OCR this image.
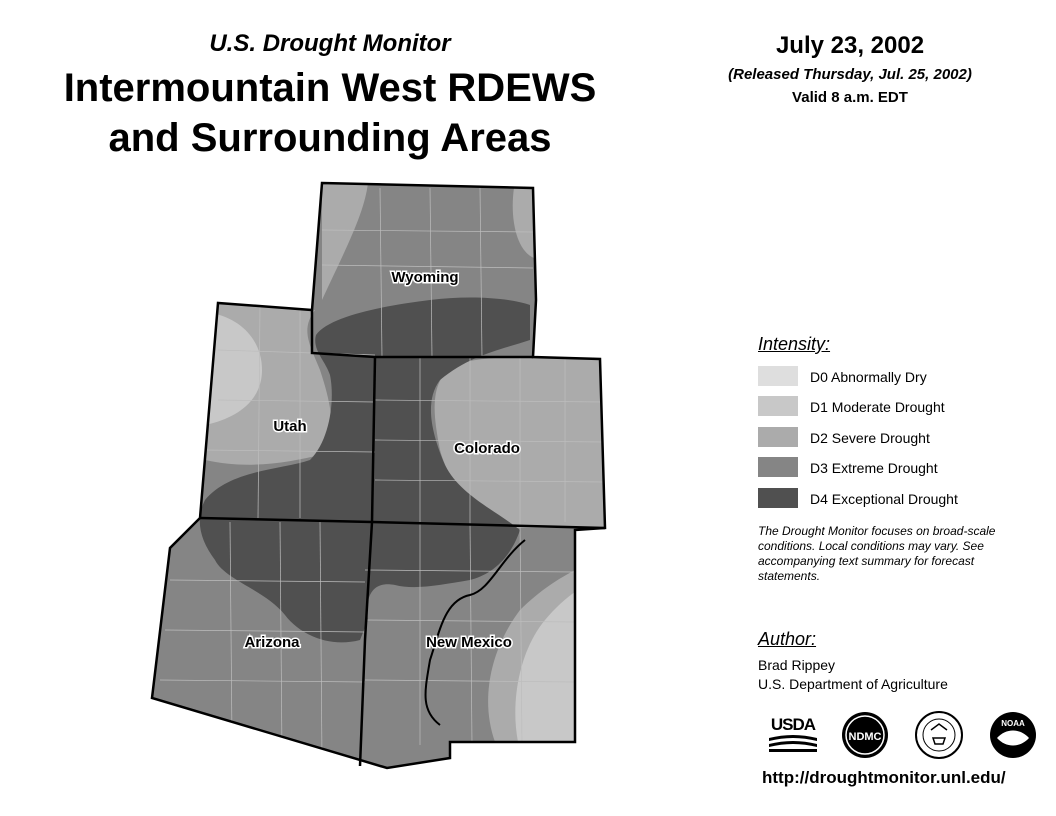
U.S. Drought Monitor
Intermountain West RDEWS
and Surrounding Areas
July 23, 2002
(Released Thursday, Jul. 25, 2002)
Valid 8 a.m. EDT
Wyoming
Utah
Colorado
Arizona	New Mexico
Intensity:
D0 Abnormally Dry
D1 Moderate Drought
D2 Severe Drought
D3 Extreme Drought
D4 Exceptional Drought
The Drought Monitor focuses on broad-scale conditions. Local conditions may vary. See accompanying text summary for forecast statements.
Author:
Brad Rippey
U.S. Department of Agriculture
USDA
NDMC
NOAA
http://droughtmonitor.unl.edu/
